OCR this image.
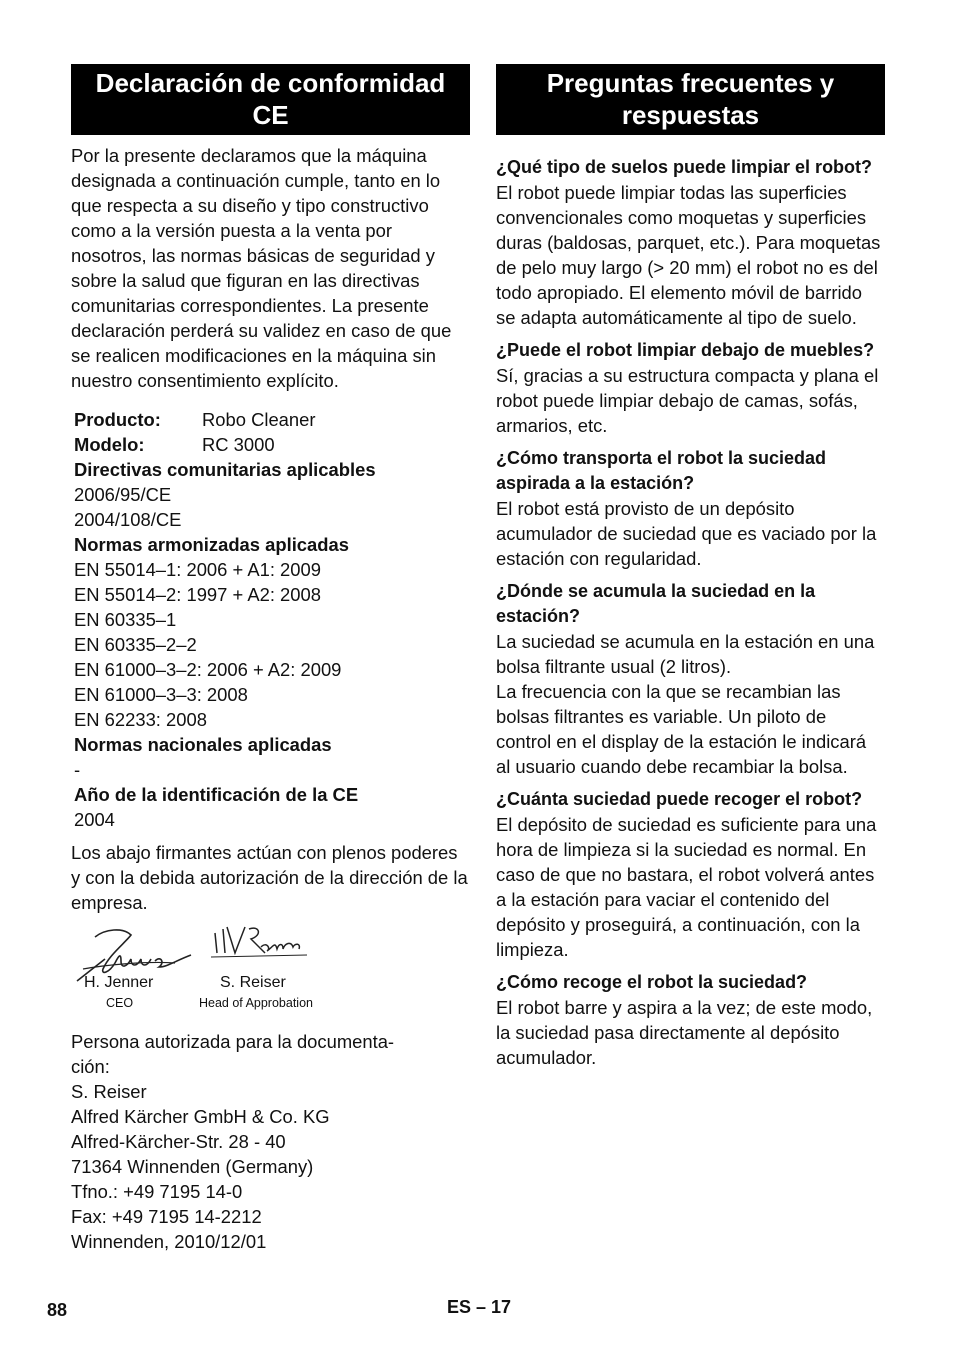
Declaración de conformidad CE

Por la presente declaramos que la máquina designada a continuación cumple, tanto en lo que respecta a su diseño y tipo constructivo como a la versión puesta a la venta por nosotros, las normas básicas de seguridad y sobre la salud que figuran en las directivas comunitarias correspondientes. La presente declaración perderá su validez en caso de que se realicen modificaciones en la máquina sin nuestro consentimiento explícito.

Producto:	Robo Cleaner
Modelo:	RC 3000
Directivas comunitarias aplicables
2006/95/CE
2004/108/CE
Normas armonizadas aplicadas
EN 55014–1: 2006 + A1: 2009
EN 55014–2: 1997 + A2: 2008
EN 60335–1
EN 60335–2–2
EN 61000–3–2: 2006 + A2: 2009
EN 61000–3–3: 2008
EN 62233: 2008
Normas nacionales aplicadas
-
Año de la identificación de la CE
2004

Los abajo firmantes actúan con plenos poderes y con la debida autorización de la dirección de la empresa.

H. Jenner
CEO
S. Reiser
Head of Approbation
Persona autorizada para la documenta-
ción:
S. Reiser
Alfred Kärcher GmbH & Co. KG
Alfred-Kärcher-Str. 28 - 40
71364 Winnenden (Germany)
Tfno.: +49 7195 14-0
Fax: +49 7195 14-2212
Winnenden, 2010/12/01
Preguntas frecuentes y respuestas

¿Qué tipo de suelos puede limpiar el robot?

El robot puede limpiar todas las superficies convencionales como moquetas y superficies duras (baldosas, parquet, etc.). Para moquetas de pelo muy largo (> 20 mm) el robot no es del todo apropiado. El elemento móvil de barrido se adapta automáticamente al tipo de suelo.

¿Puede el robot limpiar debajo de muebles?

Sí, gracias a su estructura compacta y plana el robot puede limpiar debajo de camas, sofás, armarios, etc.

¿Cómo transporta el robot la suciedad aspirada a la estación?

El robot está provisto de un depósito acumulador de suciedad que es vaciado por la estación con regularidad.

¿Dónde se acumula la suciedad en la estación?

La suciedad se acumula en la estación en una bolsa filtrante usual (2 litros).

La frecuencia con la que se recambian las bolsas filtrantes es variable. Un piloto de control en el display de la estación le indicará al usuario cuando debe recambiar la bolsa.

¿Cuánta suciedad puede recoger el robot?

El depósito de suciedad es suficiente para una hora de limpieza si la suciedad es normal. En caso de que no bastara, el robot volverá antes a la estación para vaciar el contenido del depósito y proseguirá, a continuación, con la limpieza.

¿Cómo recoge el robot la suciedad?

El robot barre y aspira a la vez; de este modo, la suciedad pasa directamente al depósito acumulador.

88	ES – 17
